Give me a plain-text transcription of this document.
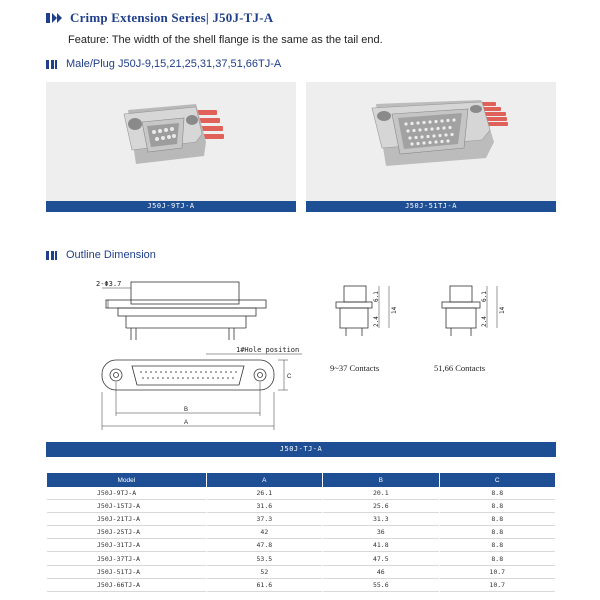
Crimp Extension Series| J50J-TJ-A
Feature: The width of the shell flange is the same as the tail end.
Male/Plug J50J-9,15,21,25,31,37,51,66TJ-A
J50J-9TJ-A	J50J-51TJ-A
Outline Dimension
2-Φ3.7
1#Hole position
B
A
C
6.1
14
2.4
9~37 Contacts
6.1
14
2.4
51,66 Contacts
J50J-TJ-A
Model	A	B	C
J50J-9TJ-A	26.1	20.1	8.8
J50J-15TJ-A	31.6	25.6	8.8
J50J-21TJ-A	37.3	31.3	8.8
J50J-25TJ-A	42	36	8.8
J50J-31TJ-A	47.8	41.8	8.8
J50J-37TJ-A	53.5	47.5	8.8
J50J-51TJ-A	52	46	10.7
J50J-66TJ-A	61.6	55.6	10.7
